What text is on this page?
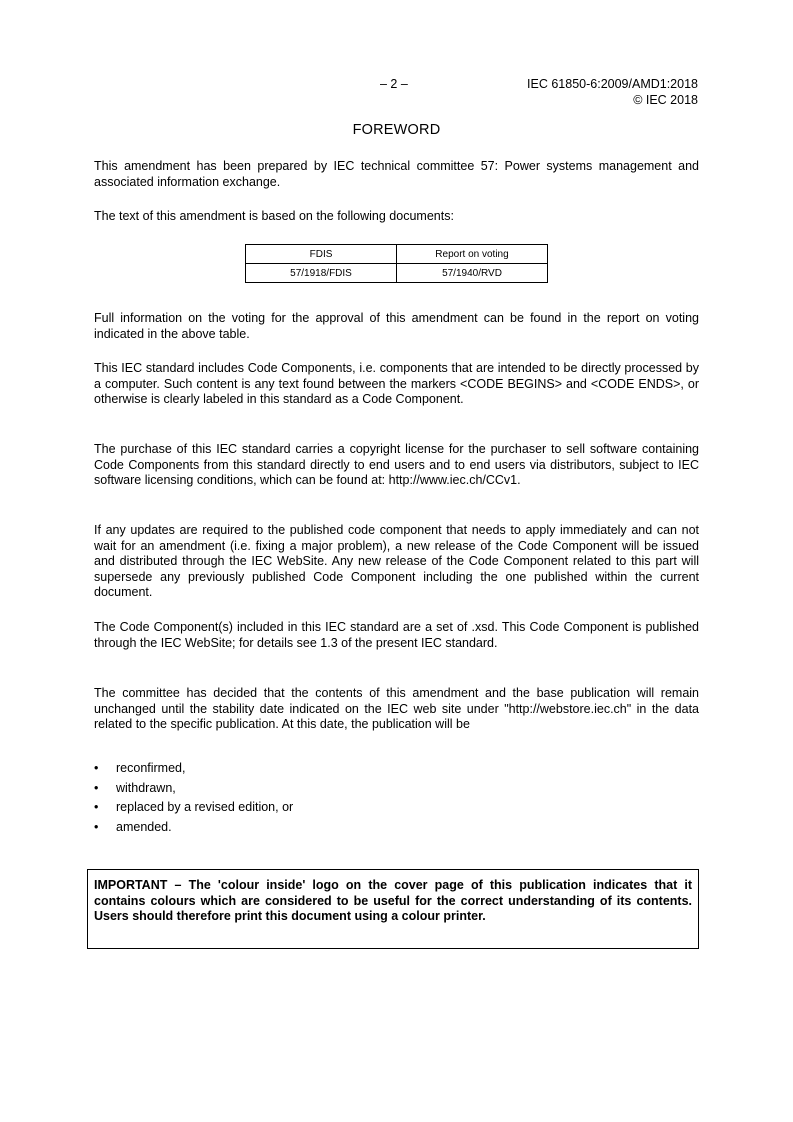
– 2 –	IEC 61850-6:2009/AMD1:2018
© IEC 2018
FOREWORD

This amendment has been prepared by IEC technical committee 57: Power systems management and associated information exchange.

The text of this amendment is based on the following documents:

FDIS	Report on voting
57/1918/FDIS	57/1940/RVD

Full information on the voting for the approval of this amendment can be found in the report on voting indicated in the above table.

This IEC standard includes Code Components, i.e. components that are intended to be directly processed by a computer. Such content is any text found between the markers <CODE BEGINS> and <CODE ENDS>, or otherwise is clearly labeled in this standard as a Code Component.

The purchase of this IEC standard carries a copyright license for the purchaser to sell software containing Code Components from this standard directly to end users and to end users via distributors, subject to IEC software licensing conditions, which can be found at: http://www.iec.ch/CCv1.

If any updates are required to the published code component that needs to apply immediately and can not wait for an amendment (i.e. fixing a major problem), a new release of the Code Component will be issued and distributed through the IEC WebSite. Any new release of the Code Component related to this part will supersede any previously published Code Component including the one published within the current document.

The Code Component(s) included in this IEC standard are a set of .xsd. This Code Component is published through the IEC WebSite; for details see 1.3 of the present IEC standard.

The committee has decided that the contents of this amendment and the base publication will remain unchanged until the stability date indicated on the IEC web site under "http://webstore.iec.ch" in the data related to the specific publication. At this date, the publication will be

• reconfirmed,
• withdrawn,
• replaced by a revised edition, or
• amended.
IMPORTANT – The 'colour inside' logo on the cover page of this publication indicates that it contains colours which are considered to be useful for the correct understanding of its contents. Users should therefore print this document using a colour printer.
